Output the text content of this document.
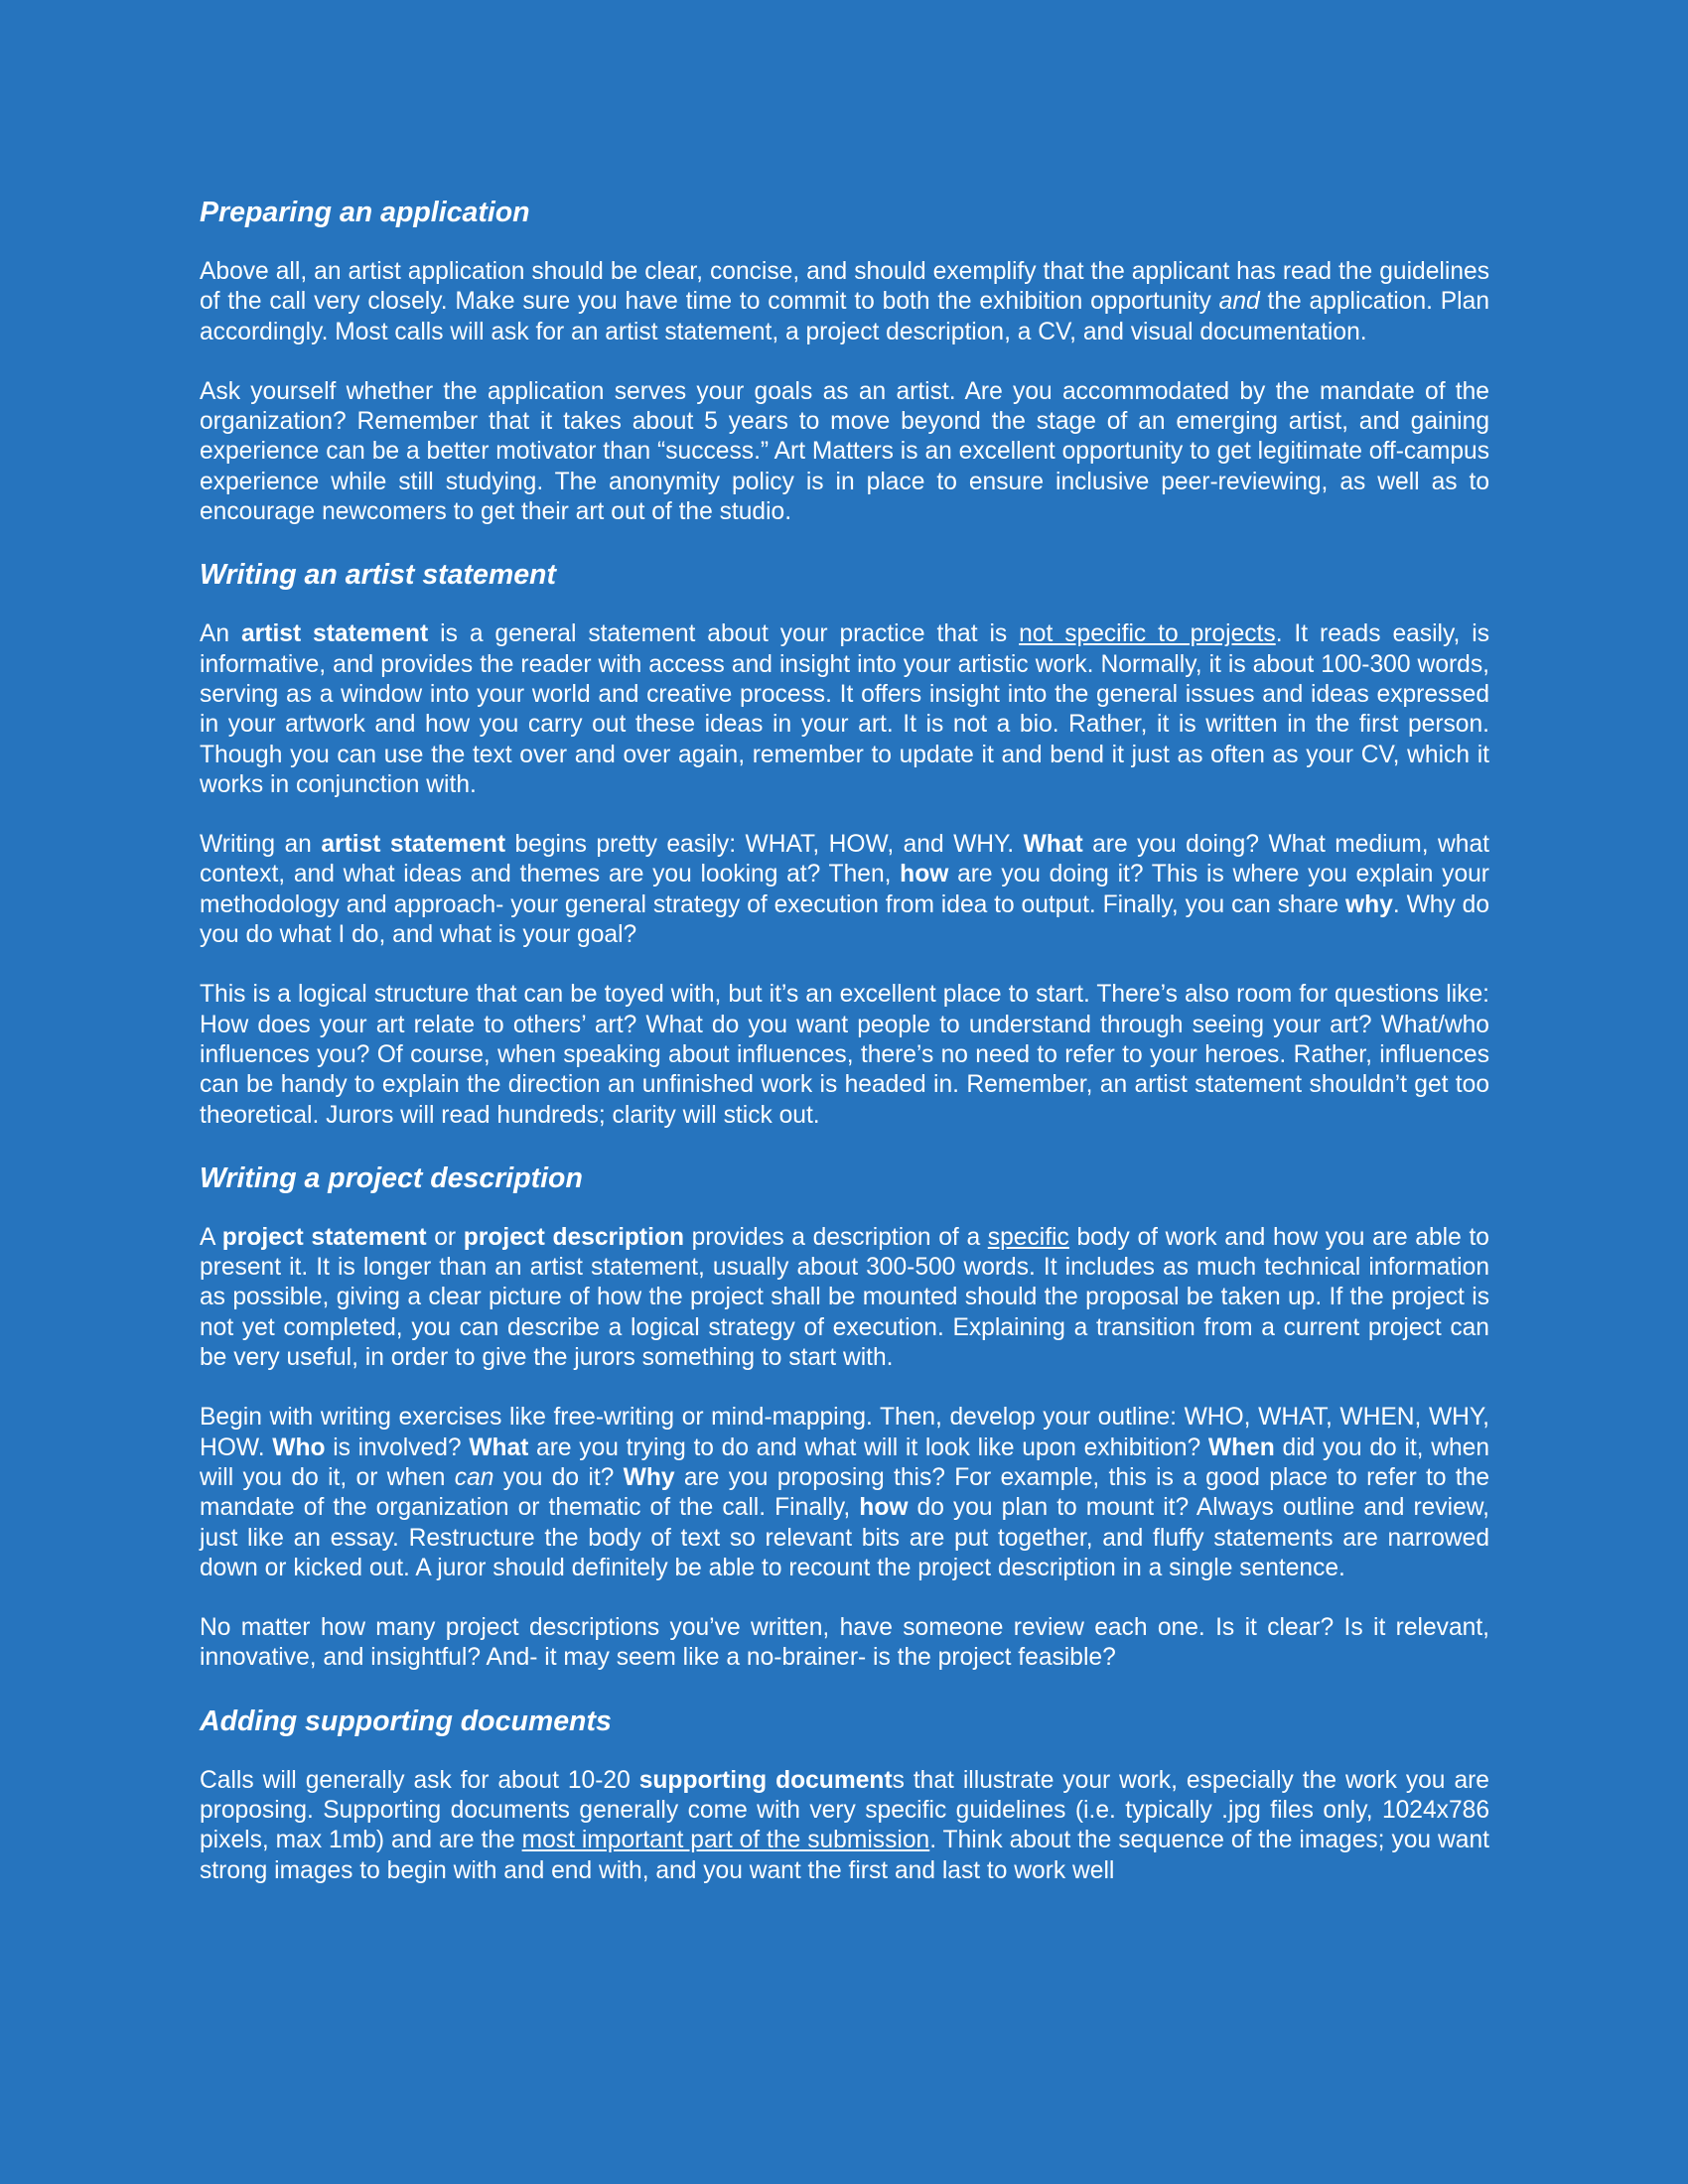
Preparing an application

Above all, an artist application should be clear, concise, and should exemplify that the applicant has read the guidelines of the call very closely. Make sure you have time to commit to both the exhibition opportunity and the application. Plan accordingly. Most calls will ask for an artist statement, a project description, a CV, and visual documentation.

Ask yourself whether the application serves your goals as an artist. Are you accommodated by the mandate of the organization? Remember that it takes about 5 years to move beyond the stage of an emerging artist, and gaining experience can be a better motivator than “success.” Art Matters is an excellent opportunity to get legitimate off-campus experience while still studying. The anonymity policy is in place to ensure inclusive peer-reviewing, as well as to encourage newcomers to get their art out of the studio.

Writing an artist statement

An artist statement is a general statement about your practice that is not specific to projects. It reads easily, is informative, and provides the reader with access and insight into your artistic work. Normally, it is about 100-300 words, serving as a window into your world and creative process. It offers insight into the general issues and ideas expressed in your artwork and how you carry out these ideas in your art. It is not a bio. Rather, it is written in the first person. Though you can use the text over and over again, remember to update it and bend it just as often as your CV, which it works in conjunction with.

Writing an artist statement begins pretty easily: WHAT, HOW, and WHY. What are you doing? What medium, what context, and what ideas and themes are you looking at? Then, how are you doing it? This is where you explain your methodology and approach- your general strategy of execution from idea to output. Finally, you can share why. Why do you do what I do, and what is your goal?

This is a logical structure that can be toyed with, but it’s an excellent place to start. There’s also room for questions like: How does your art relate to others’ art? What do you want people to understand through seeing your art? What/who influences you? Of course, when speaking about influences, there’s no need to refer to your heroes. Rather, influences can be handy to explain the direction an unfinished work is headed in. Remember, an artist statement shouldn’t get too theoretical. Jurors will read hundreds; clarity will stick out.

Writing a project description

A project statement or project description provides a description of a specific body of work and how you are able to present it. It is longer than an artist statement, usually about 300-500 words. It includes as much technical information as possible, giving a clear picture of how the project shall be mounted should the proposal be taken up. If the project is not yet completed, you can describe a logical strategy of execution. Explaining a transition from a current project can be very useful, in order to give the jurors something to start with.

Begin with writing exercises like free-writing or mind-mapping. Then, develop your outline: WHO, WHAT, WHEN, WHY, HOW. Who is involved? What are you trying to do and what will it look like upon exhibition? When did you do it, when will you do it, or when can you do it? Why are you proposing this? For example, this is a good place to refer to the mandate of the organization or thematic of the call. Finally, how do you plan to mount it? Always outline and review, just like an essay. Restructure the body of text so relevant bits are put together, and fluffy statements are narrowed down or kicked out. A juror should definitely be able to recount the project description in a single sentence.

No matter how many project descriptions you’ve written, have someone review each one. Is it clear? Is it relevant, innovative, and insightful? And- it may seem like a no-brainer- is the project feasible?

Adding supporting documents

Calls will generally ask for about 10-20 supporting documents that illustrate your work, especially the work you are proposing. Supporting documents generally come with very specific guidelines (i.e. typically .jpg files only, 1024x786 pixels, max 1mb) and are the most important part of the submission. Think about the sequence of the images; you want strong images to begin with and end with, and you want the first and last to work well
